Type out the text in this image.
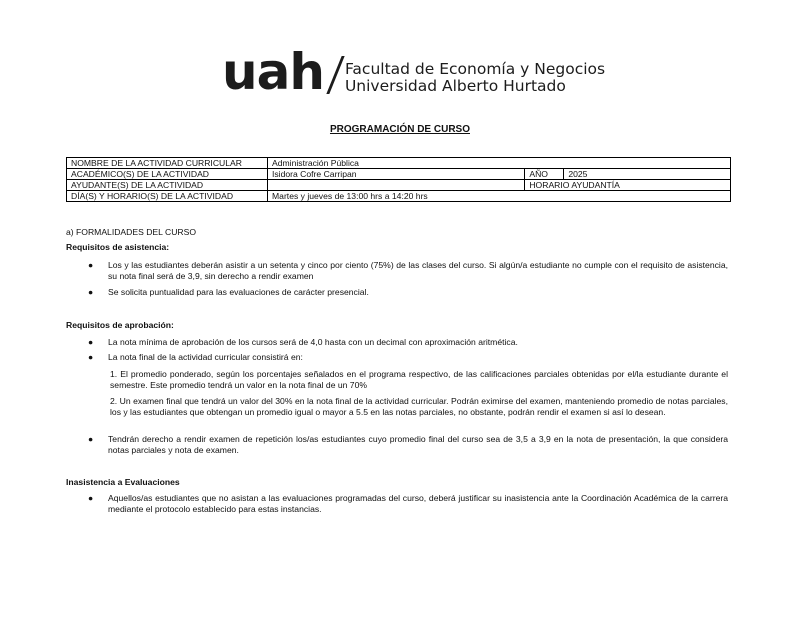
uah Facultad de Economía y Negocios
Universidad Alberto Hurtado
PROGRAMACIÓN DE CURSO
NOMBRE DE LA ACTIVIDAD CURRICULAR	Administración Pública		
ACADÉMICO(S) DE LA ACTIVIDAD	Isidora Cofre Carripan	AÑO	2025
AYUDANTE(S) DE LA ACTIVIDAD		HORARIO AYUDANTÍA	
DÍA(S) Y HORARIO(S) DE LA ACTIVIDAD	Martes y jueves de 13:00 hrs a 14:20 hrs		
a) FORMALIDADES DEL CURSO
Requisitos de asistencia:
● Los y las estudiantes deberán asistir a un setenta y cinco por ciento (75%) de las clases del curso. Si algún/a estudiante no cumple con el requisito de asistencia, su nota final será de 3,9, sin derecho a rendir examen
● Se solicita puntualidad para las evaluaciones de carácter presencial.
Requisitos de aprobación:
● La nota mínima de aprobación de los cursos será de 4,0 hasta con un decimal con aproximación aritmética.
● La nota final de la actividad curricular consistirá en:
1. El promedio ponderado, según los porcentajes señalados en el programa respectivo, de las calificaciones parciales obtenidas por el/la estudiante durante el semestre. Este promedio tendrá un valor en la nota final de un 70%
2. Un examen final que tendrá un valor del 30% en la nota final de la actividad curricular. Podrán eximirse del examen, manteniendo promedio de notas parciales, los y las estudiantes que obtengan un promedio igual o mayor a 5.5 en las notas parciales, no obstante, podrán rendir el examen si así lo desean.
● Tendrán derecho a rendir examen de repetición los/as estudiantes cuyo promedio final del curso sea de 3,5 a 3,9 en la nota de presentación, la que considera notas parciales y nota de examen.
Inasistencia a Evaluaciones
● Aquellos/as estudiantes que no asistan a las evaluaciones programadas del curso, deberá justificar su inasistencia ante la Coordinación Académica de la carrera mediante el protocolo establecido para estas instancias.
